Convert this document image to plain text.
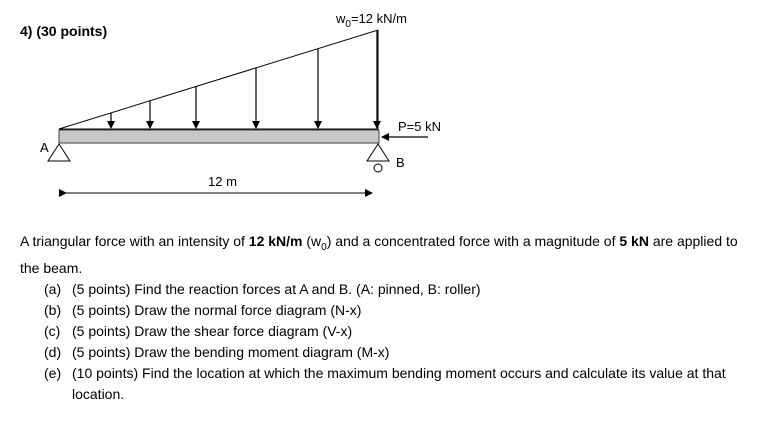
4) (30 points)
$w_0=12$ kN/m
P=5 kN
A
B
12 m

A triangular force with an intensity of 12 kN/m $(w_0)$ and a concentrated force with a magnitude of 5 kN are applied to the beam.

(a) (5 points) Find the reaction forces at A and B. (A: pinned, B: roller)
(b) (5 points) Draw the normal force diagram (N-x)
(c) (5 points) Draw the shear force diagram (V-x)
(d) (5 points) Draw the bending moment diagram (M-x)
(e) (10 points) Find the location at which the maximum bending moment occurs and calculate its value at that location.
